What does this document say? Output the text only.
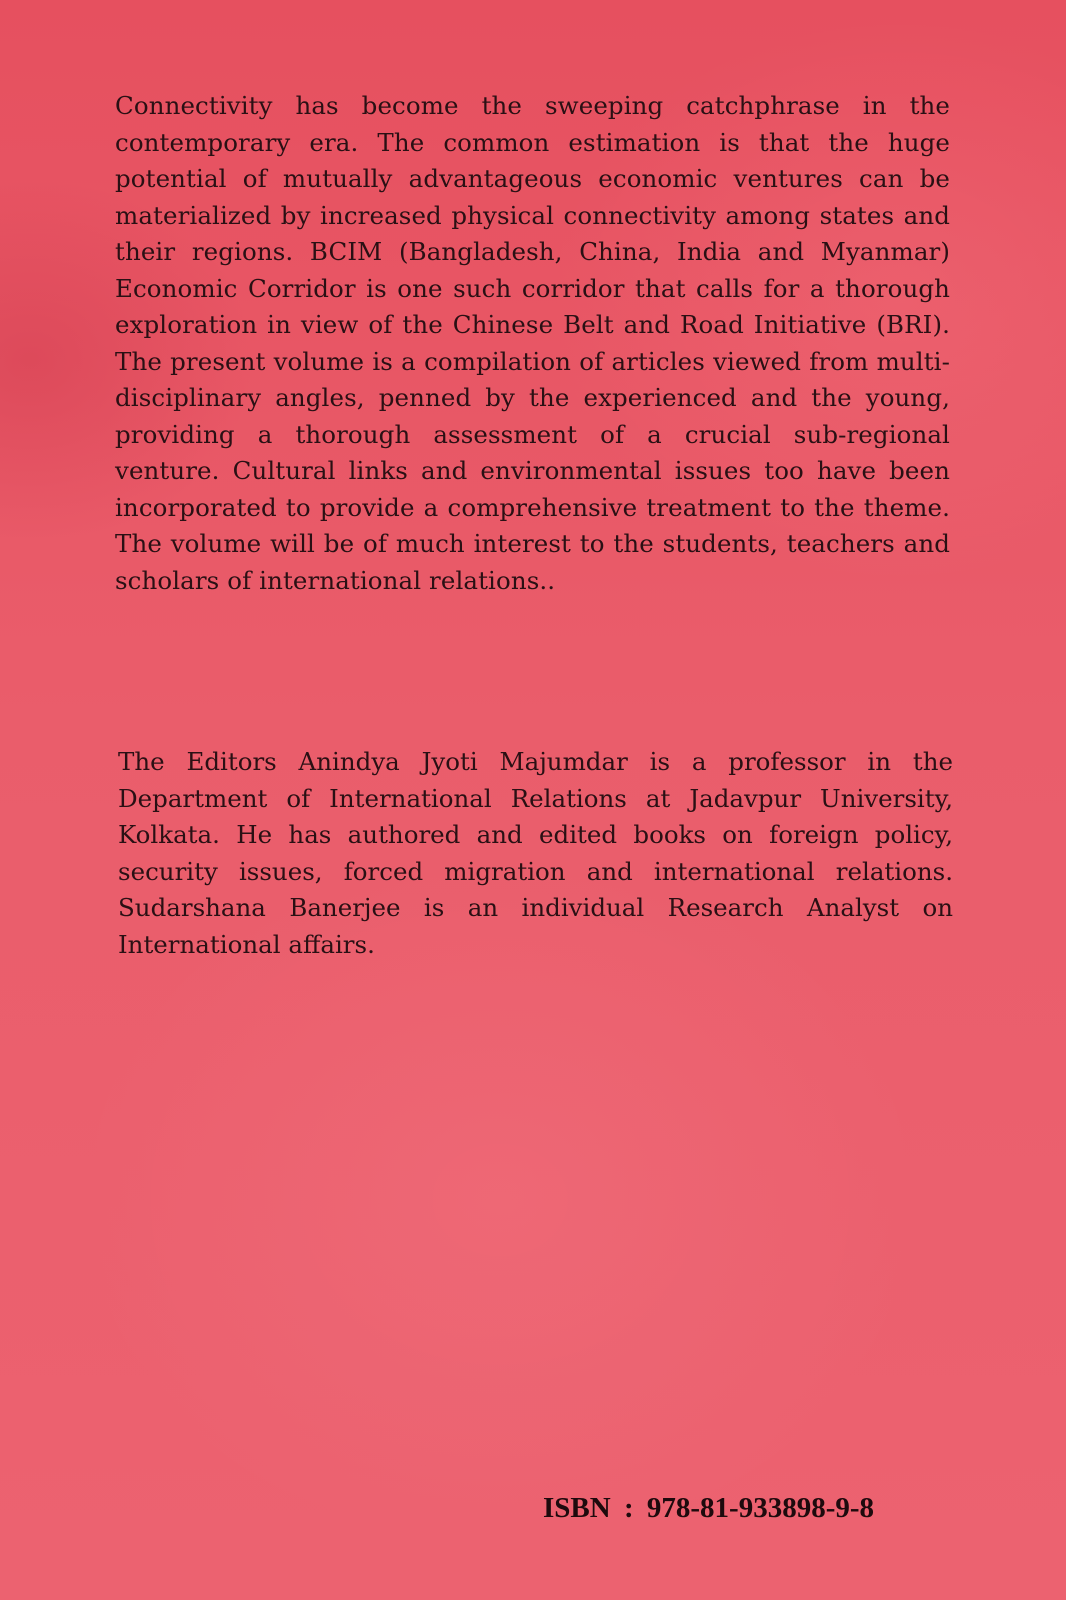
Connectivity has become the sweeping catchphrase in the contemporary era. The common estimation is that the huge potential of mutually advantageous economic ventures can be materialized by increased physical connectivity among states and their regions. BCIM (Bangladesh, China, India and Myanmar) Economic Corridor is one such corridor that calls for a thorough exploration in view of the Chinese Belt and Road Initiative (BRI). The present volume is a compilation of articles viewed from multi-disciplinary angles, penned by the experienced and the young, providing a thorough assessment of a crucial sub-regional venture. Cultural links and environmental issues too have been incorporated to provide a comprehensive treatment to the theme. The volume will be of much interest to the students, teachers and scholars of international relations..

The Editors Anindya Jyoti Majumdar is a professor in the Department of International Relations at Jadavpur University, Kolkata. He has authored and edited books on foreign policy, security issues, forced migration and international relations. Sudarshana Banerjee is an individual Research Analyst on International affairs.

ISBN : 978-81-933898-9-8
